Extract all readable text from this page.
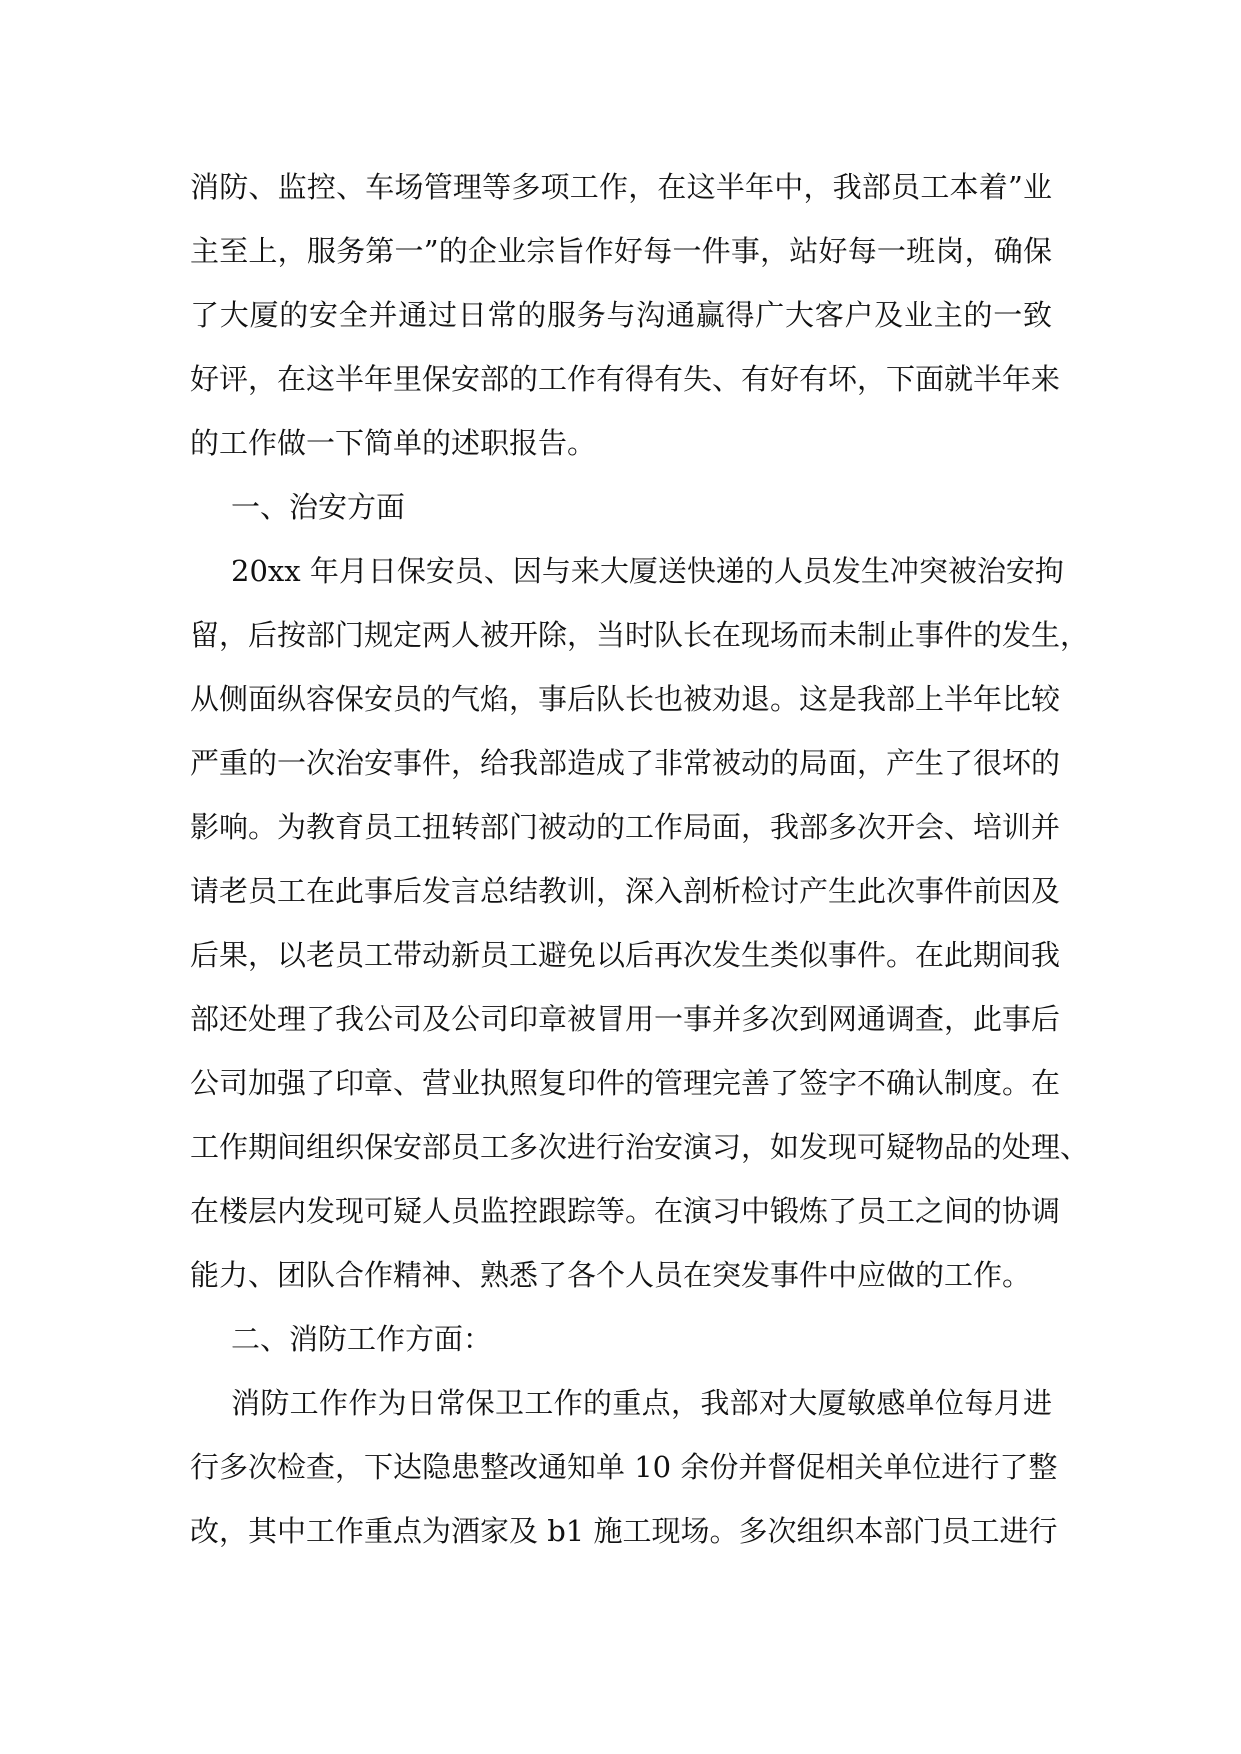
消防、监控、车场管理等多项工作，在这半年中，我部员工本着”业
主至上，服务第一”的企业宗旨作好每一件事，站好每一班岗，确保
了大厦的安全并通过日常的服务与沟通赢得广大客户及业主的一致
好评，在这半年里保安部的工作有得有失、有好有坏，下面就半年来
的工作做一下简单的述职报告。
一、治安方面
20xx 年月日保安员、因与来大厦送快递的人员发生冲突被治安拘
留，后按部门规定两人被开除，当时队长在现场而未制止事件的发生，
从侧面纵容保安员的气焰，事后队长也被劝退。这是我部上半年比较
严重的一次治安事件，给我部造成了非常被动的局面，产生了很坏的
影响。为教育员工扭转部门被动的工作局面，我部多次开会、培训并
请老员工在此事后发言总结教训，深入剖析检讨产生此次事件前因及
后果，以老员工带动新员工避免以后再次发生类似事件。在此期间我
部还处理了我公司及公司印章被冒用一事并多次到网通调查，此事后
公司加强了印章、营业执照复印件的管理完善了签字不确认制度。在
工作期间组织保安部员工多次进行治安演习，如发现可疑物品的处理、
在楼层内发现可疑人员监控跟踪等。在演习中锻炼了员工之间的协调
能力、团队合作精神、熟悉了各个人员在突发事件中应做的工作。
二、消防工作方面：
消防工作作为日常保卫工作的重点，我部对大厦敏感单位每月进
行多次检查，下达隐患整改通知单 10 余份并督促相关单位进行了整
改，其中工作重点为酒家及 b1 施工现场。多次组织本部门员工进行
